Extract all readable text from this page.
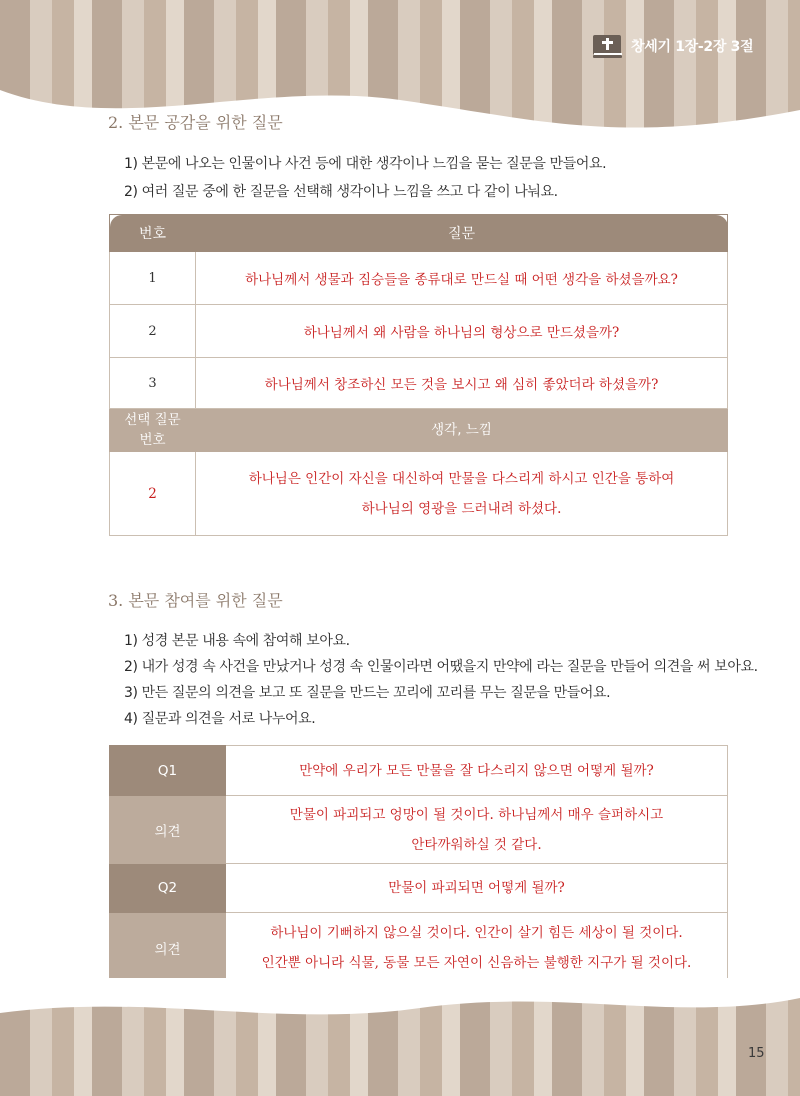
창세기 1장-2장 3절
2. 본문 공감을 위한 질문
1) 본문에 나오는 인물이나 사건 등에 대한 생각이나 느낌을 묻는 질문을 만들어요.
2) 여러 질문 중에 한 질문을 선택해 생각이나 느낌을 쓰고 다 같이 나눠요.
번호	질문
1	하나님께서 생물과 짐승들을 종류대로 만드실 때 어떤 생각을 하셨을까요?
2	하나님께서 왜 사람을 하나님의 형상으로 만드셨을까?
3	하나님께서 창조하신 모든 것을 보시고 왜 심히 좋았더라 하셨을까?

선택 질문
번호	생각, 느낌
2	하나님은 인간이 자신을 대신하여 만물을 다스리게 하시고 인간을 통하여
하나님의 영광을 드러내려 하셨다.
3. 본문 참여를 위한 질문
1) 성경 본문 내용 속에 참여해 보아요.
2) 내가 성경 속 사건을 만났거나 성경 속 인물이라면 어땠을지 만약에 라는 질문을 만들어 의견을 써 보아요.
3) 만든 질문의 의견을 보고 또 질문을 만드는 꼬리에 꼬리를 무는 질문을 만들어요.
4) 질문과 의견을 서로 나누어요.
Q1	만약에 우리가 모든 만물을 잘 다스리지 않으면 어떻게 될까?

의견	만물이 파괴되고 엉망이 될 것이다. 하나님께서 매우 슬퍼하시고
안타까워하실 것 같다.

Q2	만물이 파괴되면 어떻게 될까?

의견	하나님이 기뻐하지 않으실 것이다. 인간이 살기 힘든 세상이 될 것이다.
인간뿐 아니라 식물, 동물 모든 자연이 신음하는 불행한 지구가 될 것이다.
15
